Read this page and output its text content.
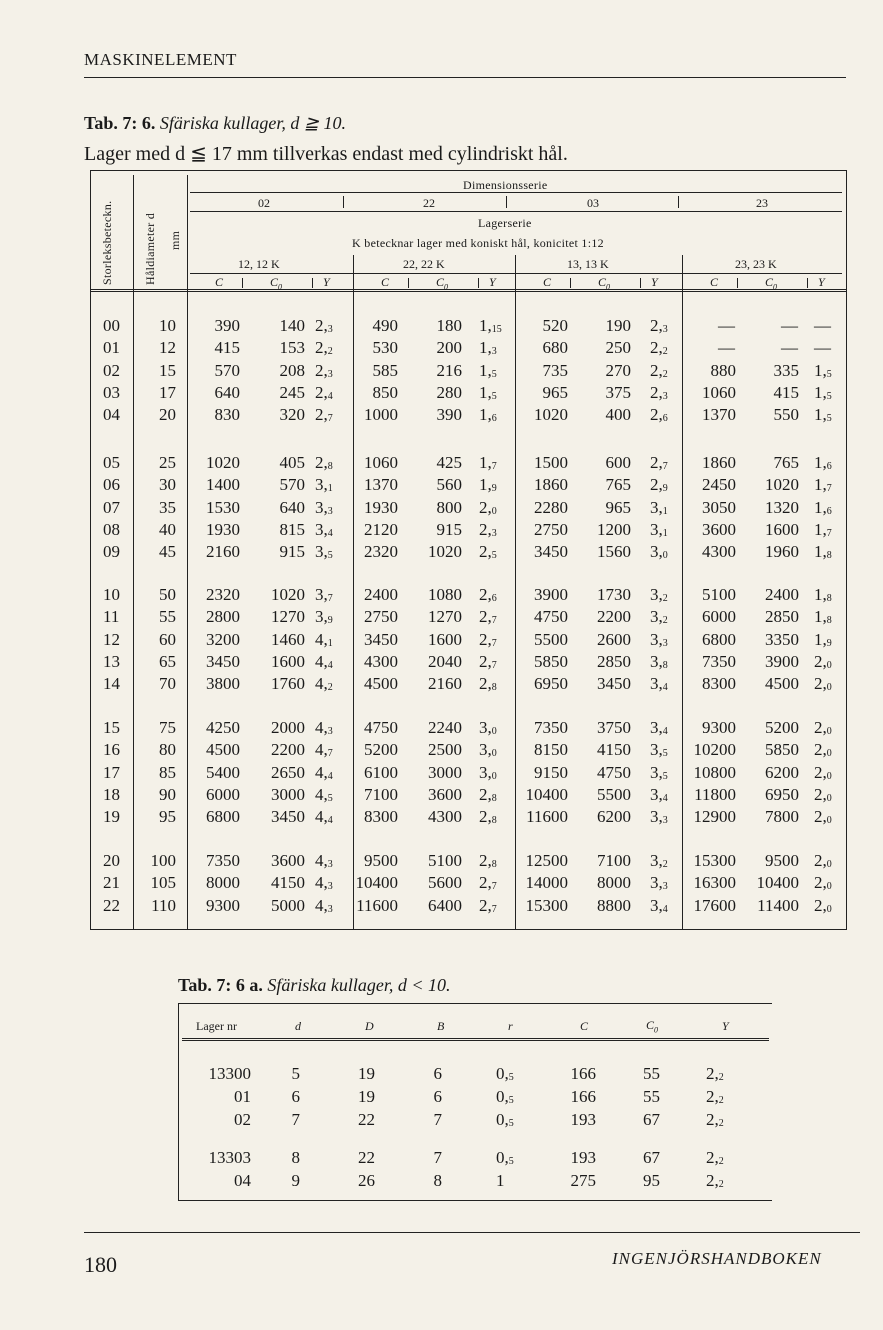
MASKINELEMENT
Tab. 7: 6. Sfäriska kullager, d ≧ 10.
Lager med d ≦ 17 mm tillverkas endast med cylindriskt hål.
Tab. 7: 6 a. Sfäriska kullager, d < 10.
180	INGENJÖRSHANDBOKEN
Storleksbeteckn. Håldiameter d mm
Dimensionsserie
02	22	03	23
Lagerserie
K betecknar lager med koniskt hål, konicitet 1:12
12, 12 K	22, 22 K	13, 13 K	23, 23 K
C	$C_0$	Y	C	$C_0$	Y	C	$C_0$	Y	C	$C_0$	Y
00 10 390 140 $2,_3$ 490 180 $1,_{15}$ 520 190 $2,_3$	—	— —
01 12 415 153 $2,_2$ 530 200 $1,_3$	680 250 $2,_2$	—	— —
02 15 570 208 $2,_3$ 585 216 $1,_5$	735 270 $2,_2$	880 335 $1,_5$
03 17 640 245 $2,_4$ 850 280 $1,_5$	965 375 $2,_3$ 1060 415 $1,_5$
04 20 830 320 $2,_7$ 1000 390 $1,_6$ 1020 400 $2,_6$ 1370 550 $1,_5$
05 25 1020 405 $2,_8$ 1060 425 $1,_7$ 1500 600 $2,_7$ 1860 765 $1,_6$
06 30 1400 570 $3,_1$ 1370 560 $1,_9$ 1860 765 $2,_9$ 2450 1020 $1,_7$
07 35 1530 640 $3,_3$ 1930 800 $2,_0$ 2280 965 $3,_1$ 3050 1320 $1,_6$
08 40 1930 815 $3,_4$ 2120 915 $2,_3$ 2750 1200 $3,_1$ 3600 1600 $1,_7$
09 45 2160 915 $3,_5$ 2320 1020 $2,_5$ 3450 1560 $3,_0$ 4300 1960 $1,_8$
10 50 2320 1020 $3,_7$ 2400 1080 $2,_6$ 3900 1730 $3,_2$ 5100 2400 $1,_8$
11 55 2800 1270 $3,_9$ 2750 1270 $2,_7$ 4750 2200 $3,_2$ 6000 2850 $1,_8$
12 60 3200 1460 $4,_1$ 3450 1600 $2,_7$ 5500 2600 $3,_3$ 6800 3350 $1,_9$
13 65 3450 1600 $4,_4$ 4300 2040 $2,_7$ 5850 2850 $3,_8$ 7350 3900 $2,_0$
14 70 3800 1760 $4,_2$ 4500 2160 $2,_8$ 6950 3450 $3,_4$ 8300 4500 $2,_0$
15 75 4250 2000 $4,_3$ 4750 2240 $3,_0$ 7350 3750 $3,_4$ 9300 5200 $2,_0$
16 80 4500 2200 $4,_7$ 5200 2500 $3,_0$ 8150 4150 $3,_5$ 10200 5850 $2,_0$
17 85 5400 2650 $4,_4$ 6100 3000 $3,_0$ 9150 4750 $3,_5$ 10800 6200 $2,_0$
18 90 6000 3000 $4,_5$ 7100 3600 $2,_8$ 10400 5500 $3,_4$ 11800 6950 $2,_0$
19 95 6800 3450 $4,_4$ 8300 4300 $2,_8$ 11600 6200 $3,_3$ 12900 7800 $2,_0$
20 100 7350 3600 $4,_3$ 9500 5100 $2,_8$ 12500 7100 $3,_2$ 15300 9500 $2,_0$
21 105 8000 4150 $4,_3$ 10400 5600 $2,_7$ 14000 8000 $3,_3$ 16300 10400 $2,_0$
22 110 9300 5000 $4,_3$ 11600 6400 $2,_7$ 15300 8800 $3,_4$ 17600 11400 $2,_0$
Lager nr	d	D	B	r	C	$C_0$	Y
13300 5	19	6	$0,_5$	166	55	$2,_2$
01 6	19	6	$0,_5$	166	55	$2,_2$
02 7	22	7	$0,_5$	193	67	$2,_2$
13303 8	22	7	$0,_5$	193	67	$2,_2$
04 9	26	8	1	275	95	$2,_2$
